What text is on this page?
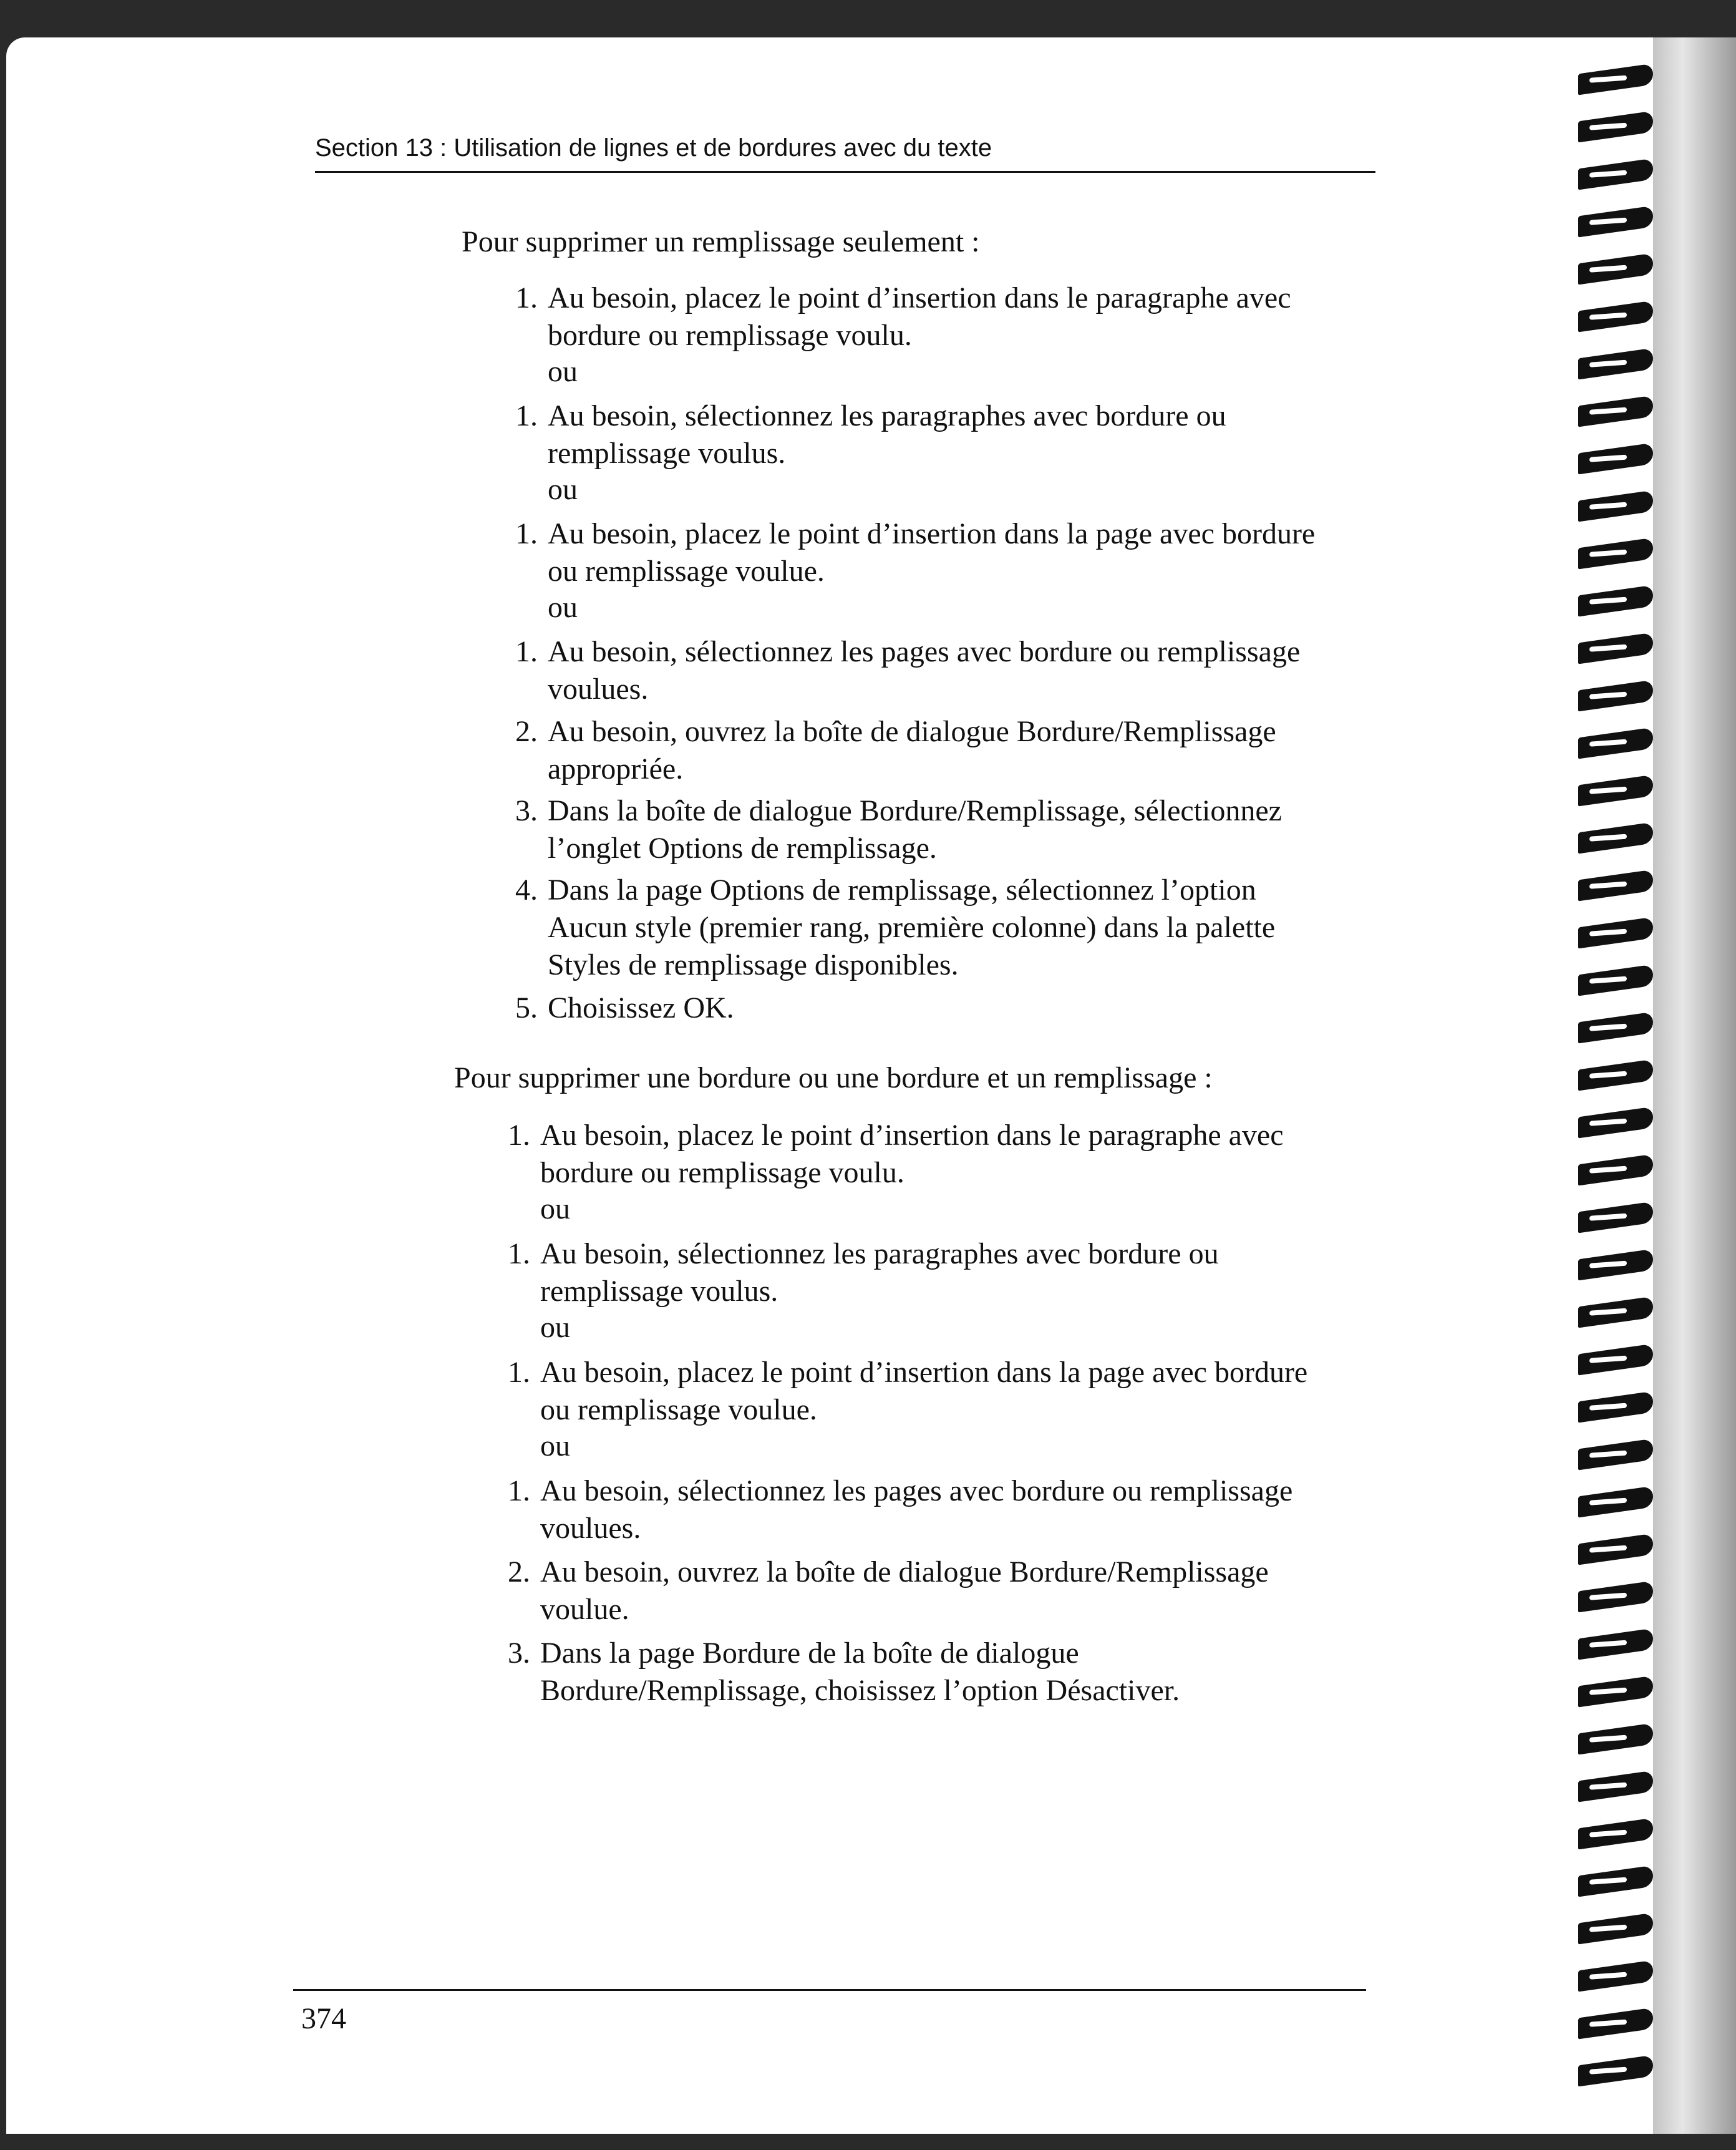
Section 13 : Utilisation de lignes et de bordures avec du texte
Pour supprimer un remplissage seulement :
1. Au besoin, placez le point d’insertion dans le paragraphe avec
bordure ou remplissage voulu.
1. Au besoin, sélectionnez les paragraphes avec bordure ou
remplissage voulus.
1. Au besoin, placez le point d’insertion dans la page avec bordure
ou remplissage voulue.
1. Au besoin, sélectionnez les pages avec bordure ou remplissage
voulues.
2. Au besoin, ouvrez la boîte de dialogue Bordure/Remplissage
appropriée.
3. Dans la boîte de dialogue Bordure/Remplissage, sélectionnez
l’onglet Options de remplissage.
4. Dans la page Options de remplissage, sélectionnez l’option
Aucun style (premier rang, première colonne) dans la palette
Styles de remplissage disponibles.
5. Choisissez OK.
ou
ou
ou
Pour supprimer une bordure ou une bordure et un remplissage :
1. Au besoin, placez le point d’insertion dans le paragraphe avec
bordure ou remplissage voulu.
1. Au besoin, sélectionnez les paragraphes avec bordure ou
remplissage voulus.
1. Au besoin, placez le point d’insertion dans la page avec bordure
ou remplissage voulue.
1. Au besoin, sélectionnez les pages avec bordure ou remplissage
voulues.
2. Au besoin, ouvrez la boîte de dialogue Bordure/Remplissage
voulue.
3. Dans la page Bordure de la boîte de dialogue
Bordure/Remplissage, choisissez l’option Désactiver.
ou
ou
ou
374
